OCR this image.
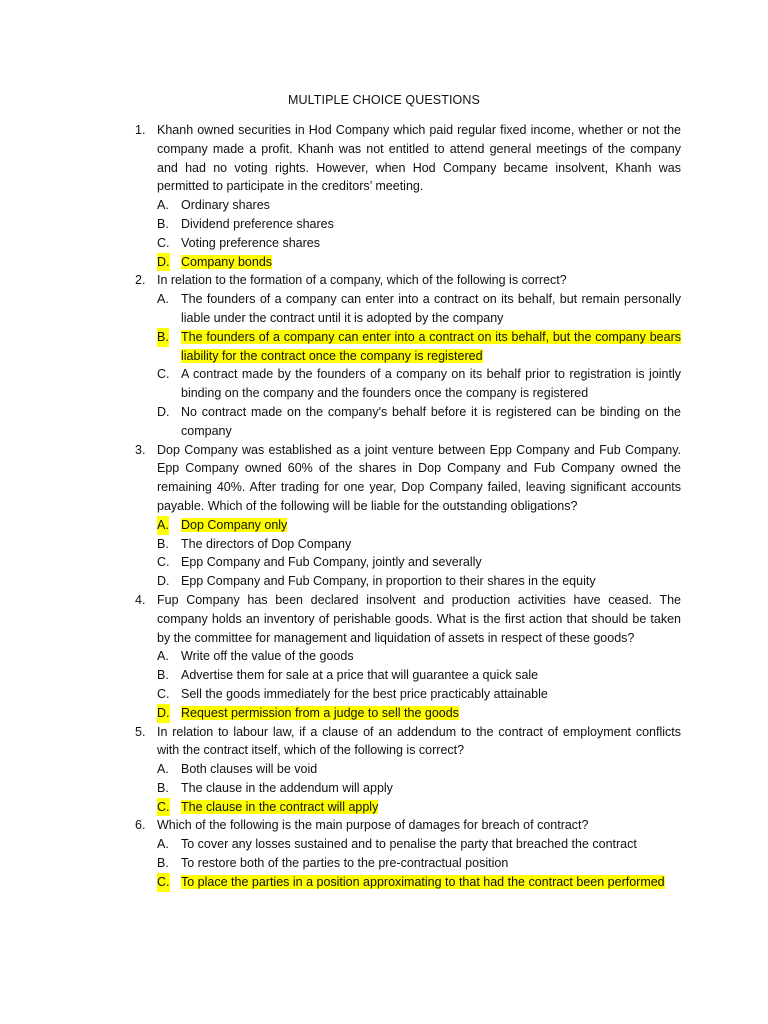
MULTIPLE CHOICE QUESTIONS
1. Khanh owned securities in Hod Company which paid regular fixed income, whether or not the company made a profit. Khanh was not entitled to attend general meetings of the company and had no voting rights. However, when Hod Company became insolvent, Khanh was permitted to participate in the creditors’ meeting.
A. Ordinary shares
B. Dividend preference shares
C. Voting preference shares
D. Company bonds
2. In relation to the formation of a company, which of the following is correct?
A. The founders of a company can enter into a contract on its behalf, but remain personally liable under the contract until it is adopted by the company
B. The founders of a company can enter into a contract on its behalf, but the company bears liability for the contract once the company is registered
C. A contract made by the founders of a company on its behalf prior to registration is jointly binding on the company and the founders once the company is registered
D. No contract made on the company's behalf before it is registered can be binding on the company
3. Dop Company was established as a joint venture between Epp Company and Fub Company. Epp Company owned 60% of the shares in Dop Company and Fub Company owned the remaining 40%. After trading for one year, Dop Company failed, leaving significant accounts payable. Which of the following will be liable for the outstanding obligations?
A. Dop Company only
B. The directors of Dop Company
C. Epp Company and Fub Company, jointly and severally
D. Epp Company and Fub Company, in proportion to their shares in the equity
4. Fup Company has been declared insolvent and production activities have ceased. The company holds an inventory of perishable goods. What is the first action that should be taken by the committee for management and liquidation of assets in respect of these goods?
A. Write off the value of the goods
B. Advertise them for sale at a price that will guarantee a quick sale
C. Sell the goods immediately for the best price practicably attainable
D. Request permission from a judge to sell the goods
5. In relation to labour law, if a clause of an addendum to the contract of employment conflicts with the contract itself, which of the following is correct?
A. Both clauses will be void
B. The clause in the addendum will apply
C. The clause in the contract will apply
6. Which of the following is the main purpose of damages for breach of contract?
A. To cover any losses sustained and to penalise the party that breached the contract
B. To restore both of the parties to the pre-contractual position
C. To place the parties in a position approximating to that had the contract been performed
